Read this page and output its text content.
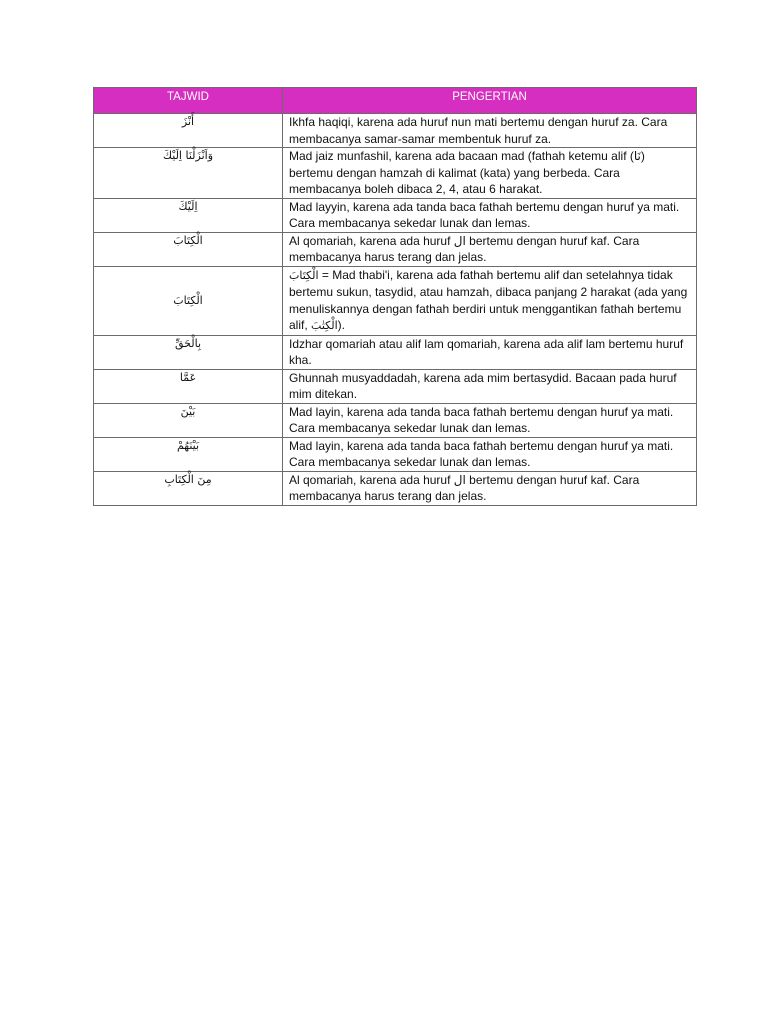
TAJWID	PENGERTIAN
أَنْزَ	Ikhfa haqiqi, karena ada huruf nun mati bertemu dengan huruf za. Cara membacanya samar-samar membentuk huruf za.
وَاَنْزَلْنَا اِلَيْكَ	Mad jaiz munfashil, karena ada bacaan mad (fathah ketemu alif (نَا) bertemu dengan hamzah di kalimat (kata) yang berbeda. Cara membacanya boleh dibaca 2, 4, atau 6 harakat.
اِلَيْكَ	Mad layyin, karena ada tanda baca fathah bertemu dengan huruf ya mati. Cara membacanya sekedar lunak dan lemas.
الْكِتَابَ	Al qomariah, karena ada huruf ال bertemu dengan huruf kaf. Cara membacanya harus terang dan jelas.
الْكِتَابَ	الْكِتَابَ = Mad thabi'i, karena ada fathah bertemu alif dan setelahnya tidak bertemu sukun, tasydid, atau hamzah, dibaca panjang 2 harakat (ada yang menuliskannya dengan fathah berdiri untuk menggantikan fathah bertemu alif, الْكِتٰبَ).
بِالْحَقِّ	Idzhar qomariah atau alif lam qomariah, karena ada alif lam bertemu huruf kha.
عَمَّا	Ghunnah musyaddadah, karena ada mim bertasydid. Bacaan pada huruf mim ditekan.
بَيْنَ	Mad layin, karena ada tanda baca fathah bertemu dengan huruf ya mati. Cara membacanya sekedar lunak dan lemas.
بَيْنَهُمْ	Mad layin, karena ada tanda baca fathah bertemu dengan huruf ya mati. Cara membacanya sekedar lunak dan lemas.
مِنَ الْكِتَابِ	Al qomariah, karena ada huruf ال bertemu dengan huruf kaf. Cara membacanya harus terang dan jelas.
